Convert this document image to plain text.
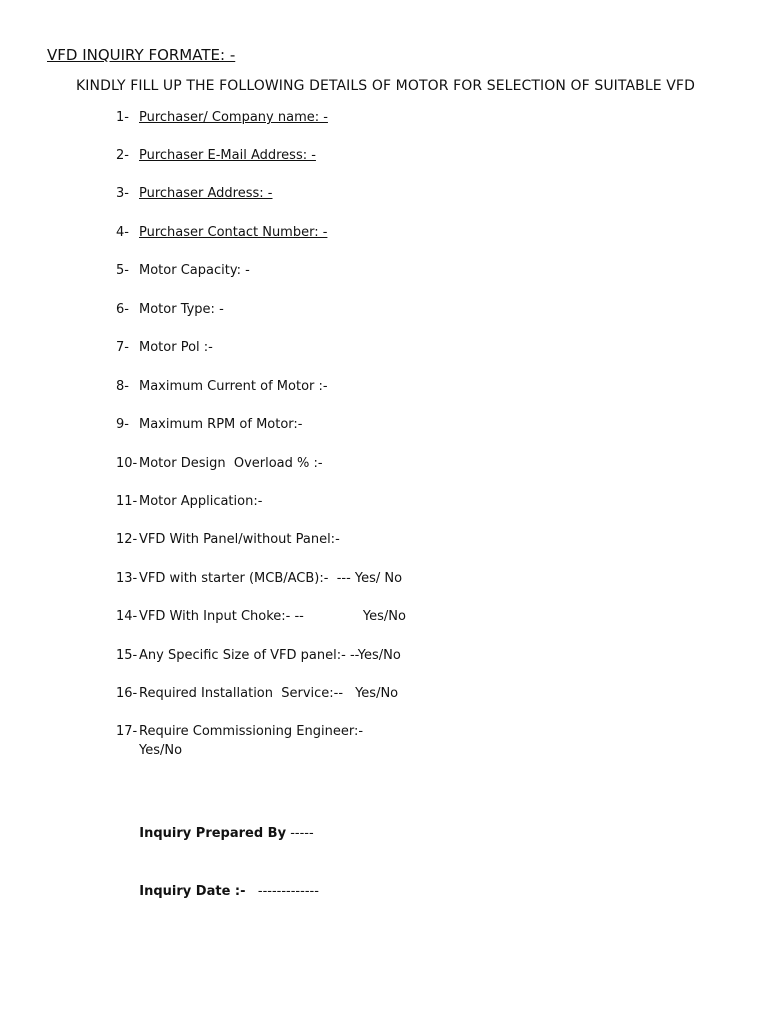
VFD INQUIRY FORMATE: -
KINDLY FILL UP THE FOLLOWING DETAILS OF MOTOR FOR SELECTION OF SUITABLE VFD
1- Purchaser/ Company name: -
2- Purchaser E-Mail Address: -
3- Purchaser Address: -
4- Purchaser Contact Number: -
5- Motor Capacity: -
6- Motor Type: -
7- Motor Pol :-
8- Maximum Current of Motor :-
9- Maximum RPM of Motor:-
10- Motor Design  Overload % :-
11- Motor Application:-
12- VFD With Panel/without Panel:-
13- VFD with starter (MCB/ACB):-  --- Yes/ No
14- VFD With Input Choke:- --	Yes/No
15- Any Specific Size of VFD panel:- --Yes/No
16- Required Installation  Service:-- Yes/No
17- Require Commissioning Engineer:-
Yes/No

Inquiry Prepared By -----

Inquiry Date :- -------------
